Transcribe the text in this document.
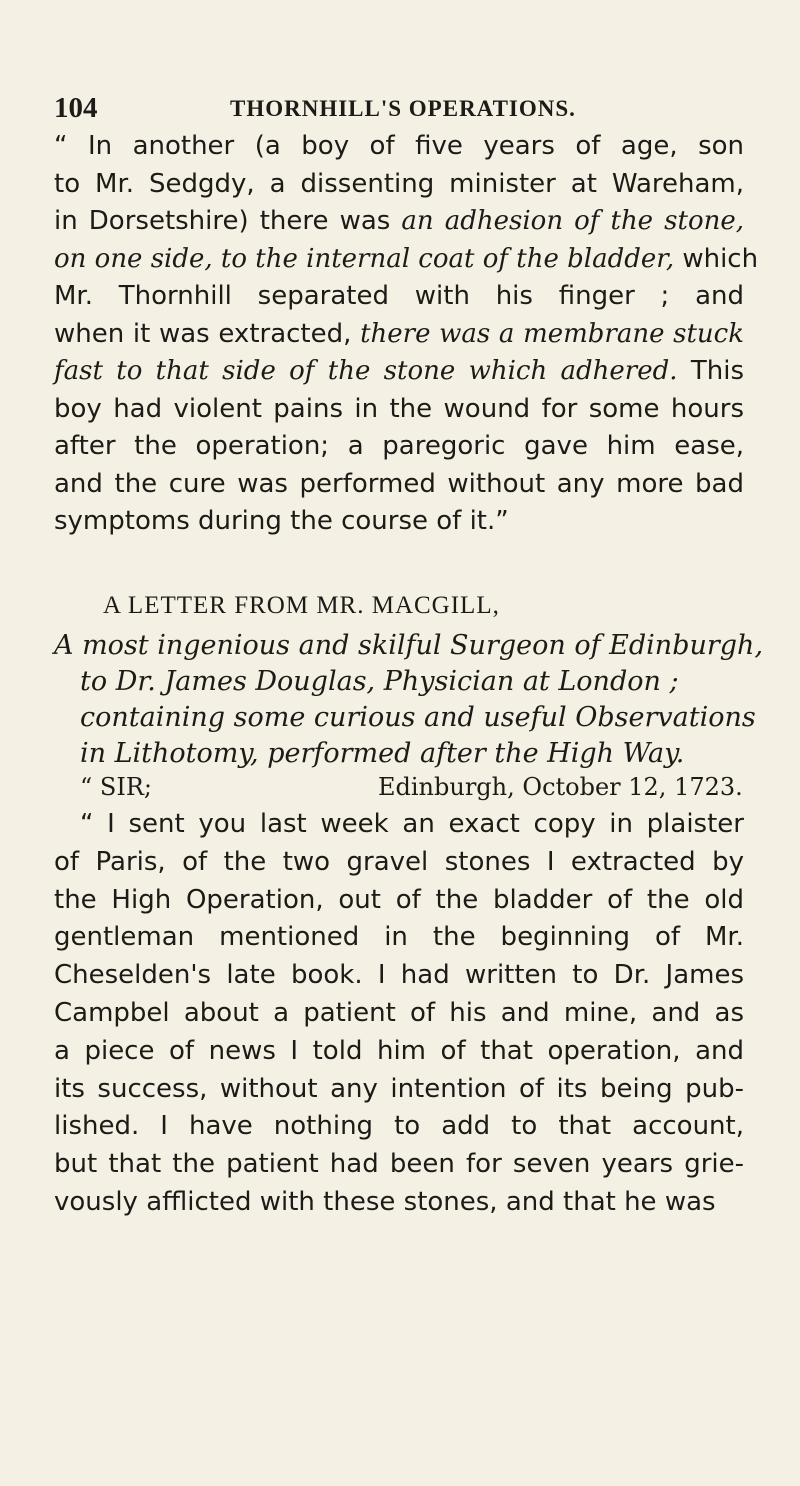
104	THORNHILL'S OPERATIONS.
“ In another (a boy of five years of age, son
to Mr. Sedgdy, a dissenting minister at Wareham,
in Dorsetshire) there was an adhesion of the stone,
on one side, to the internal coat of the bladder, which
Mr. Thornhill separated with his finger ; and
when it was extracted, there was a membrane stuck
fast to that side of the stone which adhered. This
boy had violent pains in the wound for some hours
after the operation; a paregoric gave him ease,
and the cure was performed without any more bad
symptoms during the course of it.”
A LETTER FROM MR. MACGILL,
A most ingenious and skilful Surgeon of Edinburgh,
to Dr. James Douglas, Physician at London ;
containing some curious and useful Observations
in Lithotomy, performed after the High Way.
“ SIR;	Edinburgh, October 12, 1723.
“ I sent you last week an exact copy in plaister
of Paris, of the two gravel stones I extracted by
the High Operation, out of the bladder of the old
gentleman mentioned in the beginning of Mr.
Cheselden's late book. I had written to Dr. James
Campbel about a patient of his and mine, and as
a piece of news I told him of that operation, and
its success, without any intention of its being pub-
lished. I have nothing to add to that account,
but that the patient had been for seven years grie-
vously afflicted with these stones, and that he was
